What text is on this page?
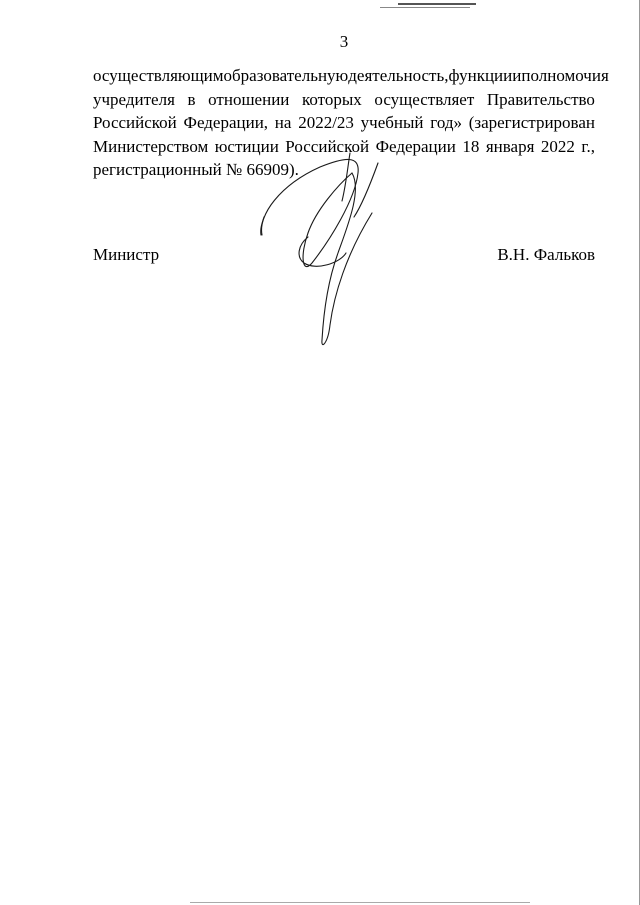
3
осуществляющим образовательную деятельность, функции и полномочия
учредителя в отношении которых осуществляет Правительство
Российской Федерации, на 2022/23 учебный год» (зарегистрирован
Министерством юстиции Российской Федерации 18 января 2022 г.,
регистрационный № 66909).
Министр	В.Н. Фальков
